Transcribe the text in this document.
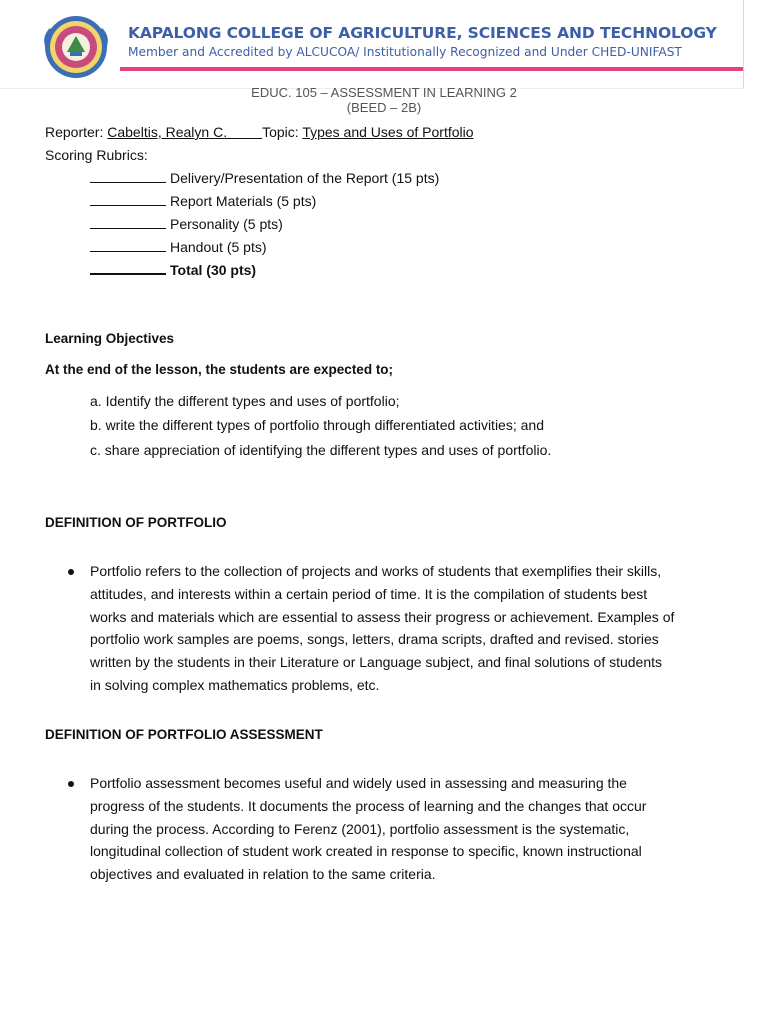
KAPALONG COLLEGE OF AGRICULTURE, SCIENCES AND TECHNOLOGY
Member and Accredited by ALCUCOA/ Institutionally Recognized and Under CHED-UNIFAST
EDUC. 105 – ASSESSMENT IN LEARNING 2
(BEED – 2B)
Reporter: Cabeltis, Realyn C.	Topic: Types and Uses of Portfolio
Scoring Rubrics:
Delivery/Presentation of the Report (15 pts)
Report Materials (5 pts)
Personality (5 pts)
Handout (5 pts)
Total (30 pts)
Learning Objectives
At the end of the lesson, the students are expected to;
a. Identify the different types and uses of portfolio;
b. write the different types of portfolio through differentiated activities; and
c. share appreciation of identifying the different types and uses of portfolio.
DEFINITION OF PORTFOLIO
Portfolio refers to the collection of projects and works of students that exemplifies their skills,
attitudes, and interests within a certain period of time. It is the compilation of students best
works and materials which are essential to assess their progress or achievement. Examples of
portfolio work samples are poems, songs, letters, drama scripts, drafted and revised. stories
written by the students in their Literature or Language subject, and final solutions of students
in solving complex mathematics problems, etc.
DEFINITION OF PORTFOLIO ASSESSMENT
Portfolio assessment becomes useful and widely used in assessing and measuring the
progress of the students. It documents the process of learning and the changes that occur
during the process. According to Ferenz (2001), portfolio assessment is the systematic,
longitudinal collection of student work created in response to specific, known instructional
objectives and evaluated in relation to the same criteria.
